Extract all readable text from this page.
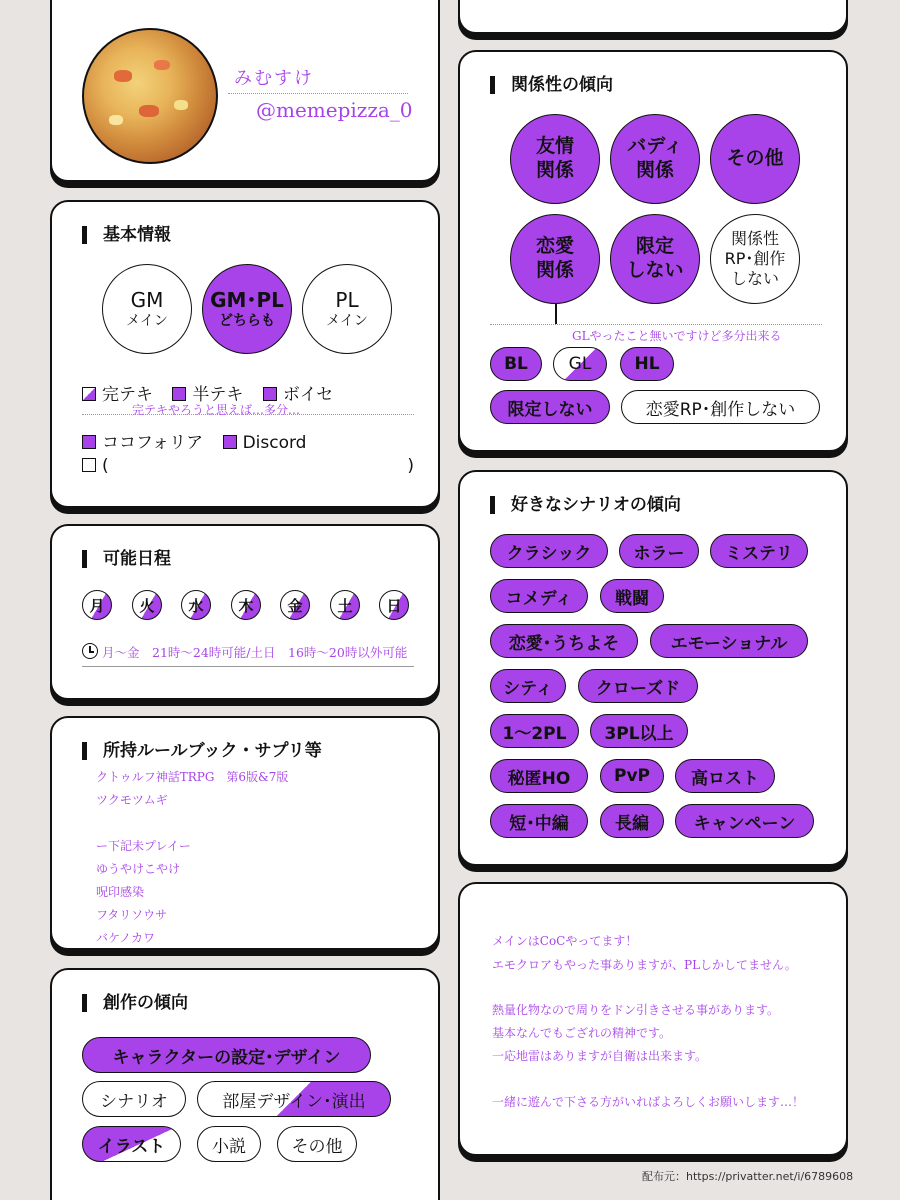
みむすけ
@memepizza_0
基本情報
GM
メイン
GM･PL
どちらも
PL
メイン
完テキ 半テキ ボイセ
完テキやろうと思えば…多分…
ココフォリア Discord
(	)
可能日程
月	火	水	木	金	土	日
月～金　21時～24時可能/土日　16時～20時以外可能
所持ルールブック・サプリ等
クトゥルフ神話TRPG　第6版&7版
ツクモツムギ
ー下記未プレイー
ゆうやけこやけ
呪印感染
フタリソウサ
バケノカワ
創作の傾向
キャラクターの設定･デザイン
シナリオ	部屋デザイン･演出
イラスト	小説	その他
関係性の傾向
友情
関係
バディ
関係
その他
恋愛
関係
限定
しない
関係性
RP･創作
しない
GLやったこと無いですけど多分出来る
BL	GL	HL
限定しない	恋愛RP･創作しない
好きなシナリオの傾向
クラシック	ホラー	ミステリ
コメディ	戦闘
恋愛･うちよそ	エモーショナル
シティ	クローズド
1～2PL	3PL以上
秘匿HO	PvP	高ロスト
短･中編	長編	キャンペーン
メインはCoCやってます！
エモクロアもやった事ありますが、PLしかしてません。
熱量化物なので周りをドン引きさせる事があります。
基本なんでもござれの精神です。
一応地雷はありますが自衛は出来ます。
一緒に遊んで下さる方がいればよろしくお願いします…！
配布元：https://privatter.net/i/6789608
